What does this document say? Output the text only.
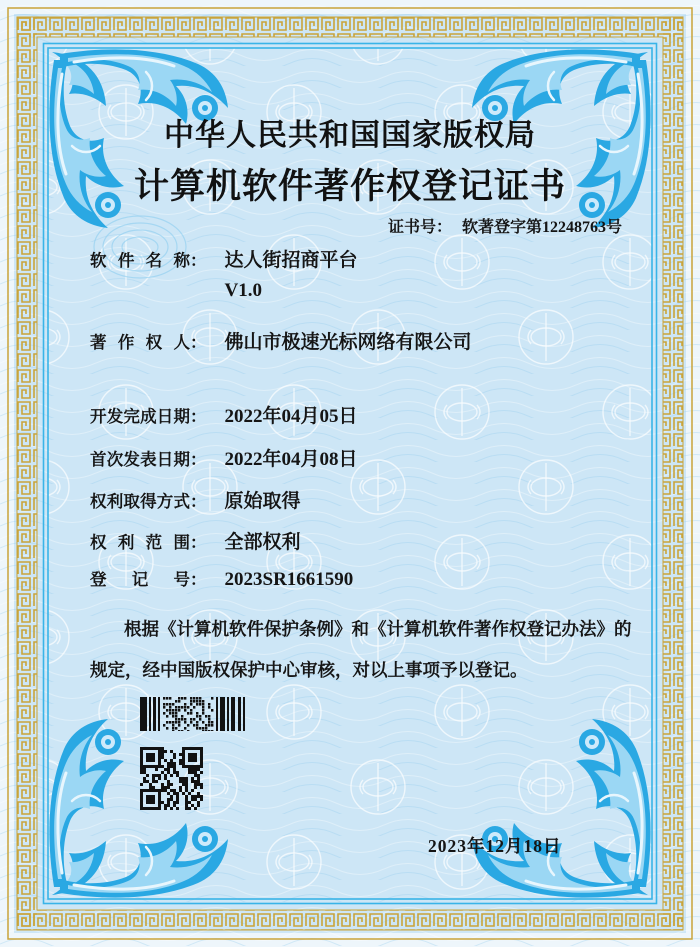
中华人民共和国国家版权局
计算机软件著作权登记证书
证书号： 软著登字第12248763号
软件名称 ： 达人街招商平台
V1.0
著作权人 ： 佛山市极速光标网络有限公司
开发完成日期 ： 2022年04月05日
首次发表日期 ： 2022年04月08日
权利取得方式 ： 原始取得
权利范围 ： 全部权利
登记号 ： 2023SR1661590
根据《计算机软件保护条例》和《计算机软件著作权登记办法》的规定，经中国版权保护中心审核，对以上事项予以登记。
2023年12月18日
